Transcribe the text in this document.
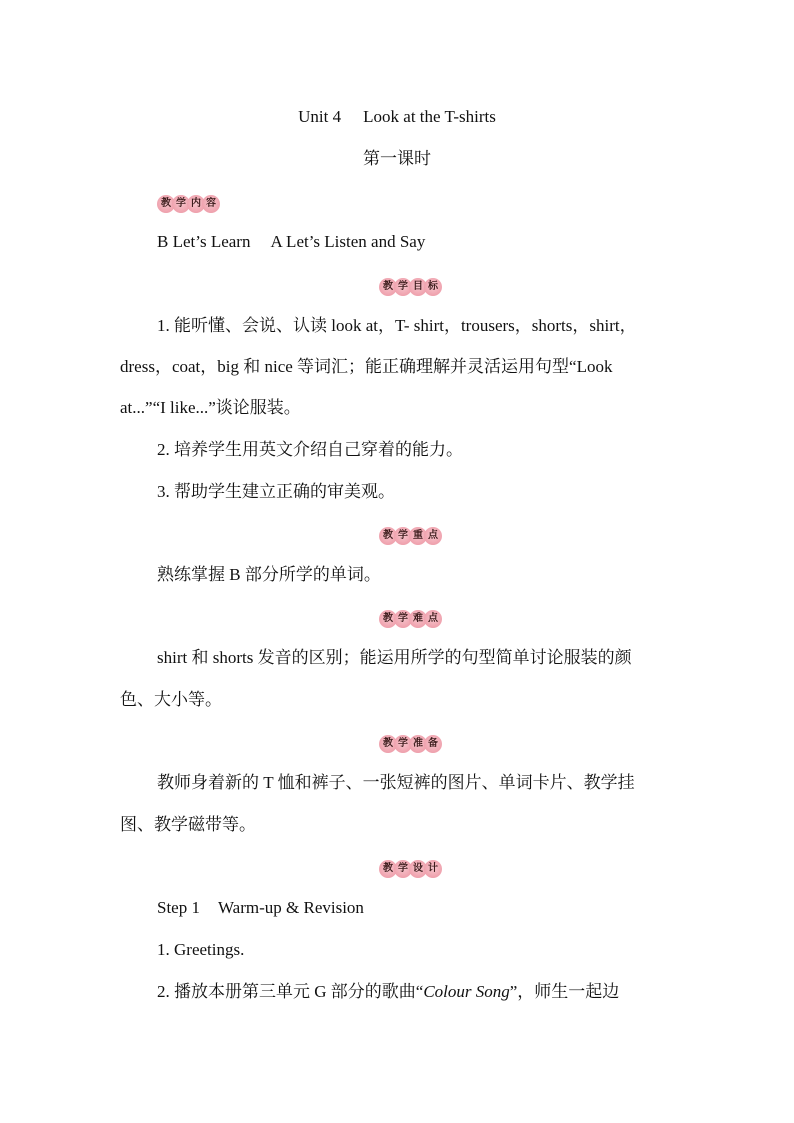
Unit 4 Look at the T-shirts
第一课时
教 学 内 容
B Let’s Learn A Let’s Listen and Say
教 学 目 标
1. 能听懂、会说、认读 look at，T- shirt，trousers，shorts，shirt，
dress，coat，big 和 nice 等词汇；能正确理解并灵活运用句型“Look
at...”“I like...”谈论服装。
2. 培养学生用英文介绍自己穿着的能力。
3. 帮助学生建立正确的审美观。
教 学 重 点
熟练掌握 B 部分所学的单词。
教 学 难 点
shirt 和 shorts 发音的区别；能运用所学的句型简单讨论服装的颜
色、大小等。
教 学 准 备
教师身着新的 T 恤和裤子、一张短裤的图片、单词卡片、教学挂
图、教学磁带等。
教 学 设 计
Step 1 Warm-up & Revision
1. Greetings.
2. 播放本册第三单元 G 部分的歌曲“Colour Song”，师生一起边
